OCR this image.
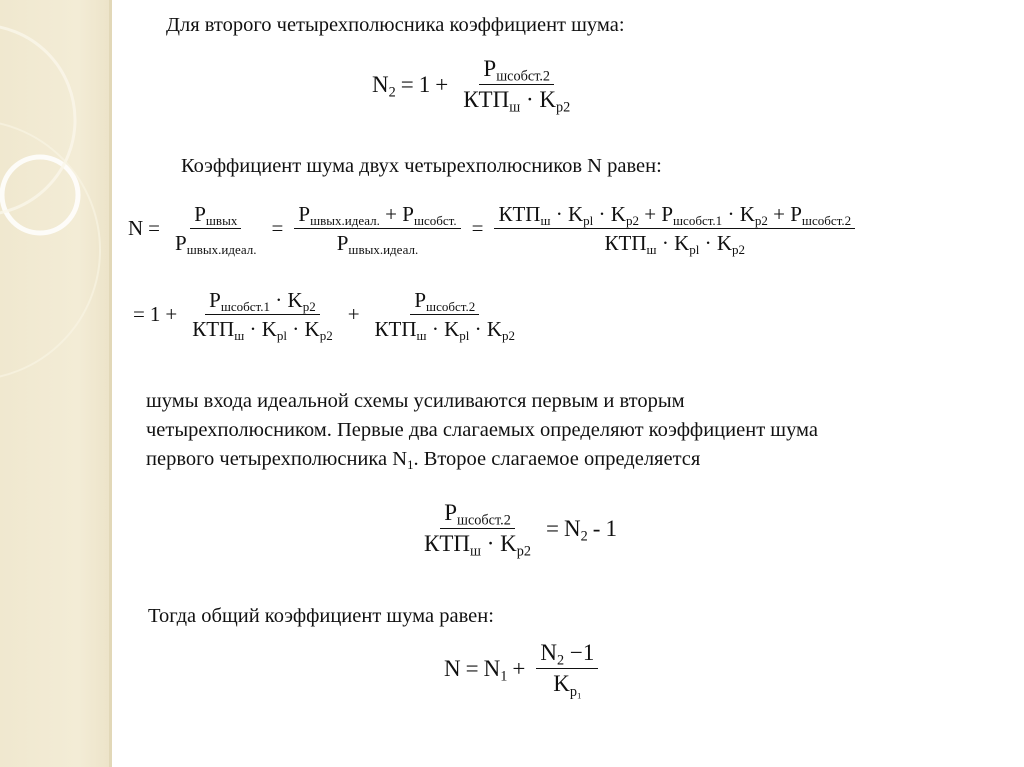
Для второго четырехполюсника коэффициент шума:
$N_2 = 1 + \frac{P_{шсобст.2}}{КТП_ш \cdot K_{p2}}$
Коэффициент шума двух четырехполюсников N равен:
$N = \frac{P_{швых}}{P_{швых.идеал.}} = \frac{P_{швых.идеал.} + P_{шсобст.}}{P_{швых.идеал.}} = \frac{КТП_ш \cdot K_{pl} \cdot K_{p2} + P_{шсобст.1} \cdot K_{p2} + P_{шсобст.2}}{КТП_ш \cdot K_{pl} \cdot K_{p2}}$
= $1 + \frac{P_{шсобст.1} \cdot K_{p2}}{КТП_ш \cdot K_{pl} \cdot K_{p2}} + \frac{P_{шсобст.2}}{КТП_ш \cdot K_{pl} \cdot K_{p2}}$
шумы входа идеальной схемы усиливаются первым и вторым
четырехполюсником. Первые два слагаемых определяют коэффициент шума
первого четырехполюсника $N_1$. Второе слагаемое определяется
$\frac{P_{шсобст.2}}{КТП_ш \cdot K_{p2}} = N_2 - 1$
Тогда общий коэффициент шума равен:
$N = N_1 + \frac{N_2 -1}{K_{p_1}}$
